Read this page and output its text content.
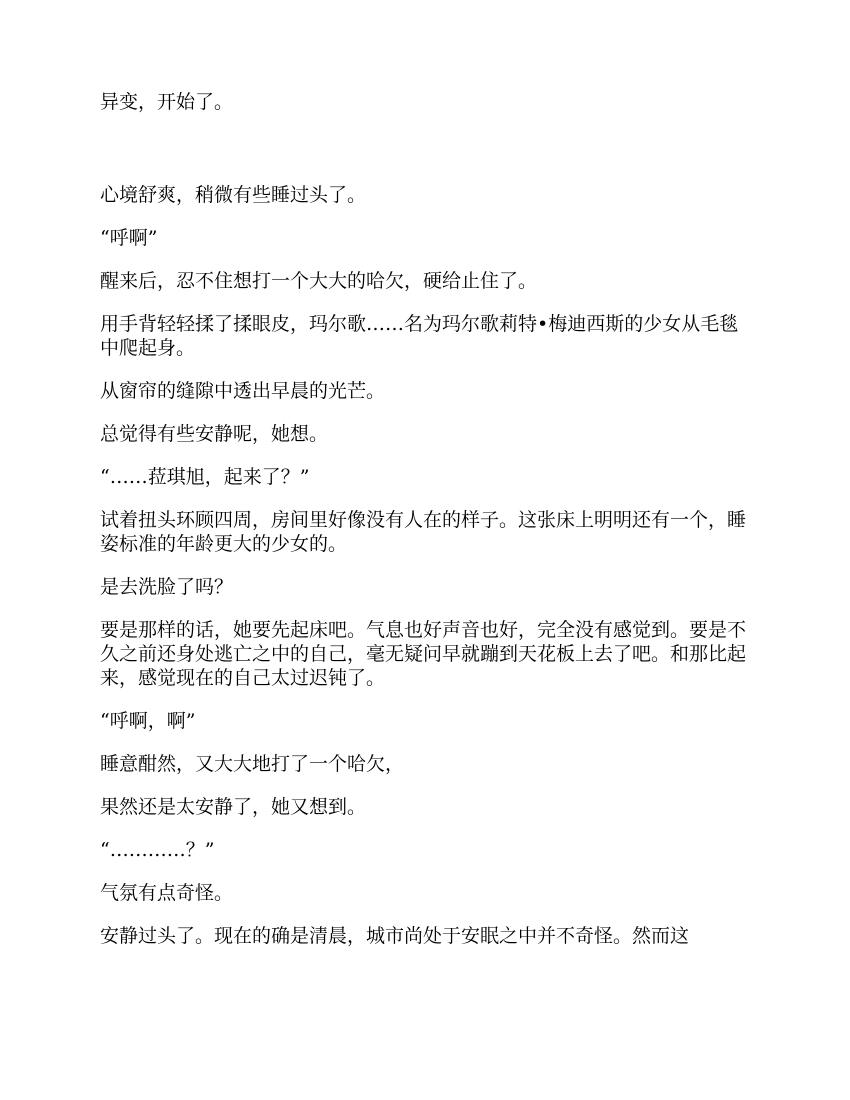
异变，开始了。

心境舒爽，稍微有些睡过头了。

“呼啊”

醒来后，忍不住想打一个大大的哈欠，硬给止住了。

用手背轻轻揉了揉眼皮，玛尔歌……名为玛尔歌莉特•梅迪西斯的少女从毛毯中爬起身。

从窗帘的缝隙中透出早晨的光芒。

总觉得有些安静呢，她想。

“……菈琪旭，起来了？”

试着扭头环顾四周，房间里好像没有人在的样子。这张床上明明还有一个，睡姿标准的年龄更大的少女的。

是去洗脸了吗？

要是那样的话，她要先起床吧。气息也好声音也好，完全没有感觉到。要是不久之前还身处逃亡之中的自己，毫无疑问早就蹦到天花板上去了吧。和那比起来，感觉现在的自己太过迟钝了。

“呼啊，啊”

睡意酣然，又大大地打了一个哈欠，

果然还是太安静了，她又想到。

“…………？”

气氛有点奇怪。

安静过头了。现在的确是清晨，城市尚处于安眠之中并不奇怪。然而这
